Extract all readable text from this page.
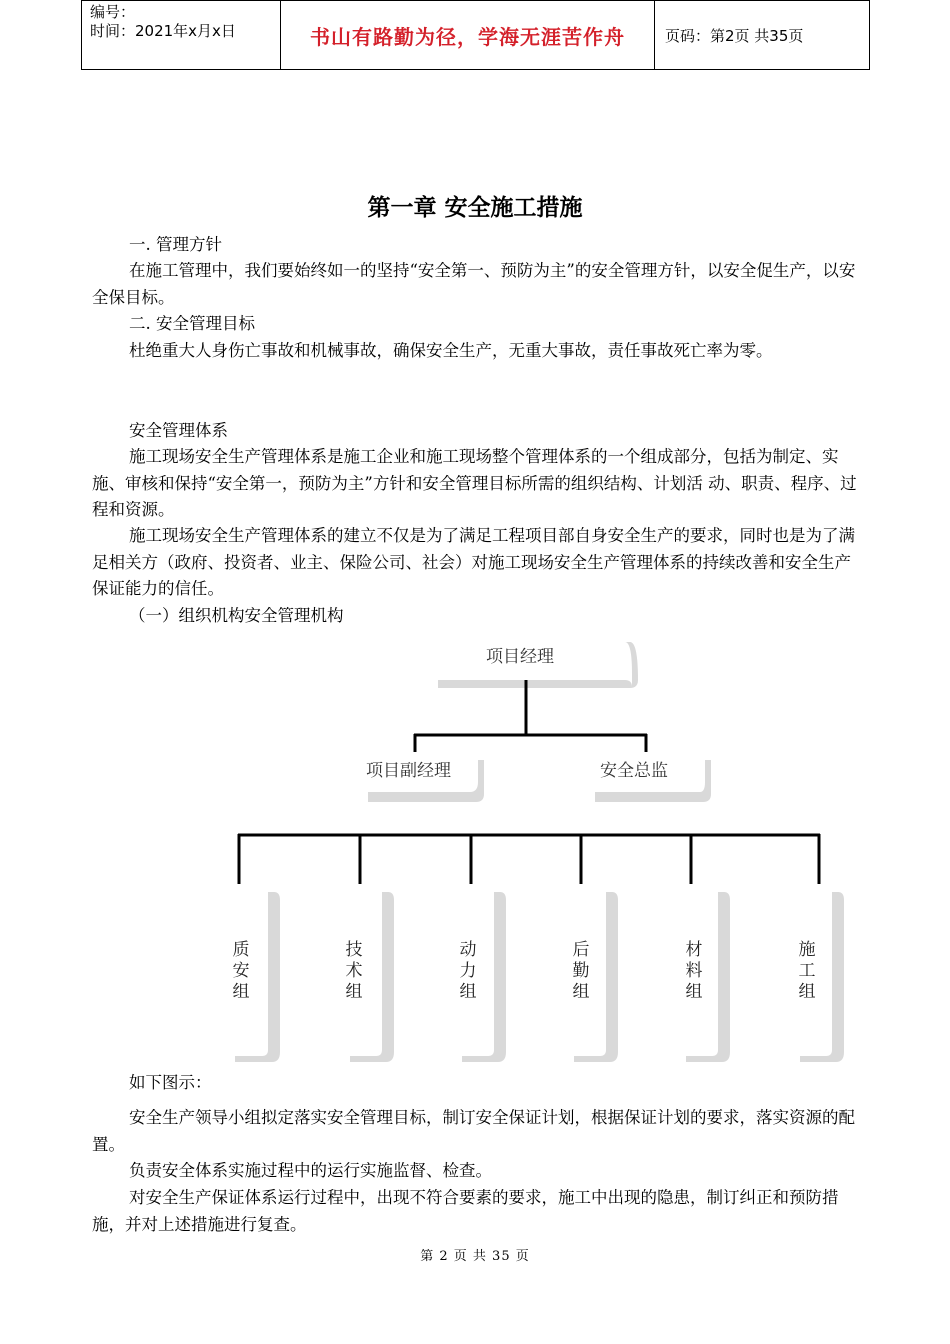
编号：
时间：2021年x月x日	书山有路勤为径，学海无涯苦作舟	页码：第2页 共35页
第一章 安全施工措施
一. 管理方针
在施工管理中，我们要始终如一的坚持“安全第一、预防为主”的安全管理方针，以安全促生产，以安全保目标。
二. 安全管理目标
杜绝重大人身伤亡事故和机械事故，确保安全生产，无重大事故，责任事故死亡率为零。
安全管理体系
施工现场安全生产管理体系是施工企业和施工现场整个管理体系的一个组成部分，包括为制定、实施、审核和保持“安全第一，预防为主”方针和安全管理目标所需的组织结构、计划活 动、职责、程序、过程和资源。
施工现场安全生产管理体系的建立不仅是为了满足工程项目部自身安全生产的要求，同时也是为了满足相关方（政府、投资者、业主、保险公司、社会）对施工现场安全生产管理体系的持续改善和安全生产保证能力的信任。
（一）组织机构安全管理机构
项目经理
项目副经理	安全总监
质
安
组
技
术
组
动
力
组
后
勤
组
材
料
组
施
工
组
如下图示：
安全生产领导小组拟定落实安全管理目标，制订安全保证计划，根据保证计划的要求，落实资源的配置。
负责安全体系实施过程中的运行实施监督、检查。
对安全生产保证体系运行过程中，出现不符合要素的要求，施工中出现的隐患，制订纠正和预防措施，并对上述措施进行复查。
第 2 页 共 35 页
